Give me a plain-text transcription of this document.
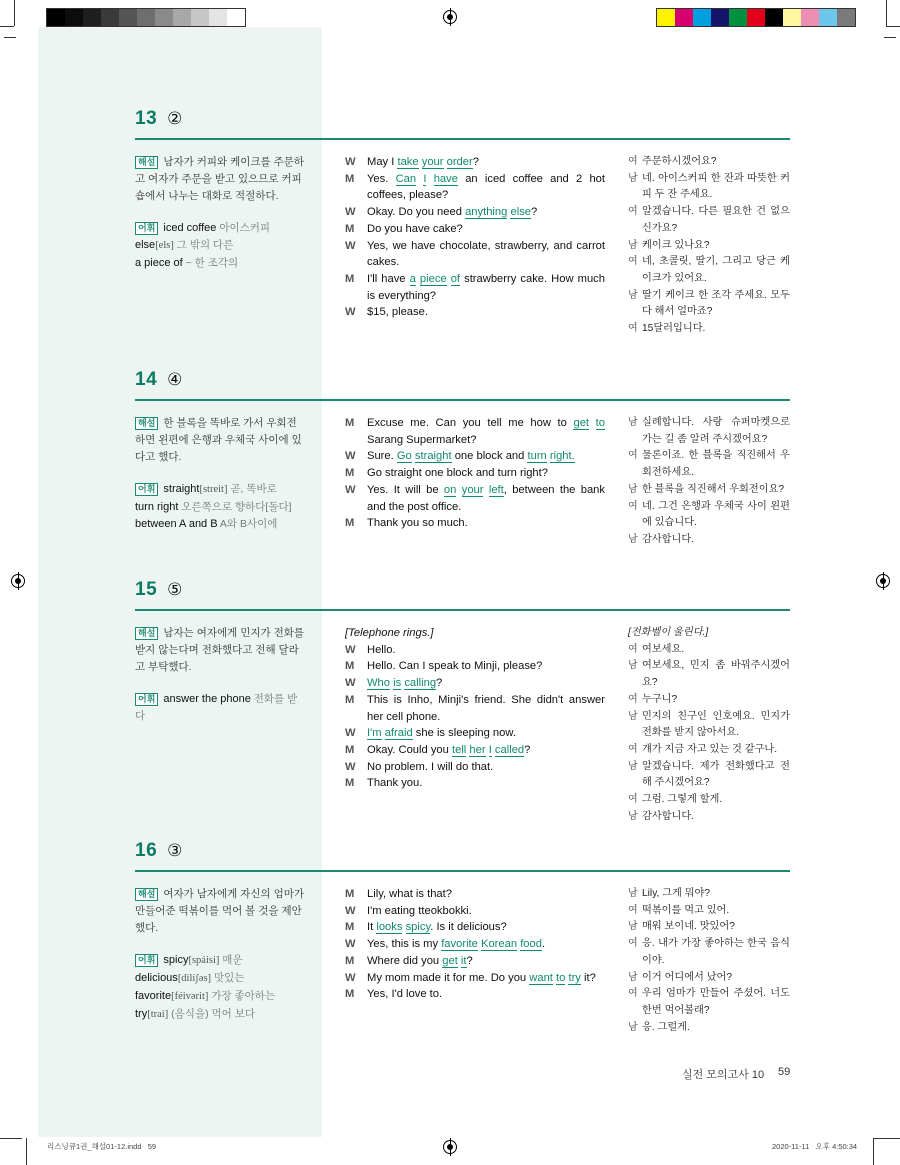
13 ②
해설 남자가 커피와 케이크를 주문하고 여자가 주문을 받고 있으므로 커피숍에서 나누는 대화로 적절하다.
어휘 iced coffee 아이스커피
else[els] 그 밖의 다른
a piece of ~ 한 조각의
W	May I take your order?
M	Yes. Can I have an iced coffee and 2 hot coffees, please?
W	Okay. Do you need anything else?
M	Do you have cake?
W	Yes, we have chocolate, strawberry, and carrot cakes.
M	I'll have a piece of strawberry cake. How much is everything?
W	$15, please.
여 주문하시겠어요?
남 네. 아이스커피 한 잔과 따뜻한 커피 두 잔 주세요.
여 알겠습니다. 다른 필요한 건 없으신가요?
남 케이크 있나요?
여 네, 초콜릿, 딸기, 그리고 당근 케이크가 있어요.
남 딸기 케이크 한 조각 주세요. 모두 다 해서 얼마죠?
여 15달러입니다.
14 ④
해설 한 블록을 똑바로 가서 우회전하면 왼편에 은행과 우체국 사이에 있다고 했다.
어휘 straight[streit] 곧, 똑바로
turn right 오른쪽으로 향하다[돌다]
between A and B A와 B사이에
M	Excuse me. Can you tell me how to get to Sarang Supermarket?
W	Sure. Go straight one block and turn right.
M	Go straight one block and turn right?
W	Yes. It will be on your left, between the bank and the post office.
M	Thank you so much.
남 실례합니다. 사랑 슈퍼마켓으로 가는 길 좀 알려 주시겠어요?
여 물론이죠. 한 블록을 직진해서 우회전하세요.
남 한 블록을 직진해서 우회전이요?
여 네. 그건 은행과 우체국 사이 왼편에 있습니다.
남 감사합니다.
15 ⑤
해설 남자는 여자에게 민지가 전화를 받지 않는다며 전화했다고 전해 달라고 부탁했다.
어휘 answer the phone 전화를 받다
[Telephone rings.]
W	Hello.
M	Hello. Can I speak to Minji, please?
W	Who is calling?
M	This is Inho, Minji's friend. She didn't answer her cell phone.
W	I'm afraid she is sleeping now.
M	Okay. Could you tell her I called?
W	No problem. I will do that.
M	Thank you.
[전화벨이 울린다.]
여 여보세요.
남 여보세요, 민지 좀 바꿔주시겠어요?
여 누구니?
남 민지의 친구인 인호예요. 민지가 전화를 받지 않아서요.
여 걔가 지금 자고 있는 것 같구나.
남 알겠습니다. 제가 전화했다고 전해 주시겠어요?
여 그럼. 그렇게 할게.
남 감사합니다.
16 ③
해설 여자가 남자에게 자신의 엄마가 만들어준 떡볶이를 먹어 볼 것을 제안했다.
어휘 spicy[spáisi] 매운
delicious[dilíʃəs] 맛있는
favorite[féivərit] 가장 좋아하는
try[trai] (음식을) 먹어 보다
M	Lily, what is that?
W	I'm eating tteokbokki.
M	It looks spicy. Is it delicious?
W	Yes, this is my favorite Korean food.
M	Where did you get it?
W	My mom made it for me. Do you want to try it?
M	Yes, I'd love to.
남 Lily, 그게 뭐야?
여 떡볶이를 먹고 있어.
남 매워 보이네. 맛있어?
여 응. 내가 가장 좋아하는 한국 음식이야.
남 이거 어디에서 났어?
여 우리 엄마가 만들어 주셨어. 너도 한번 먹어볼래?
남 응. 그럴게.
실전 모의고사 10 59
리스닝큐1권_해설01-12.indd   59	2020-11-11   오후 4:50:34
